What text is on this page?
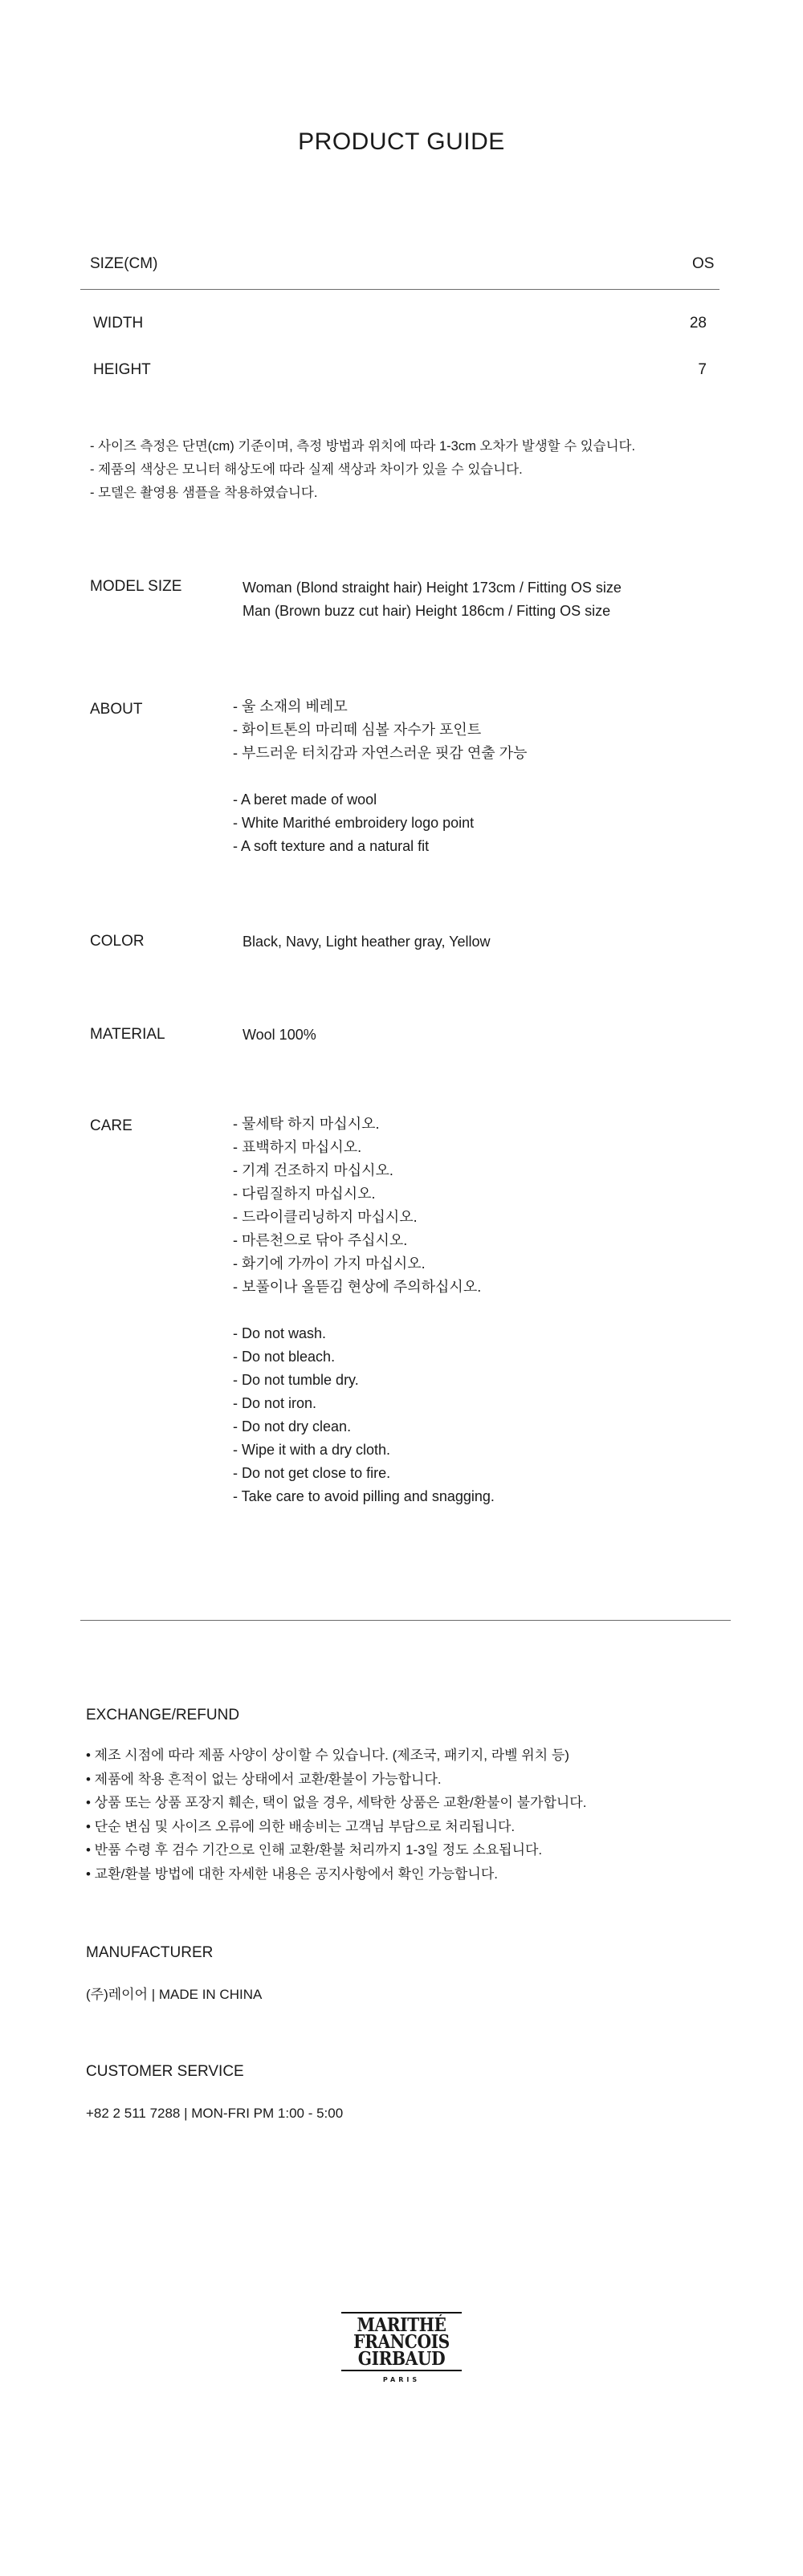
PRODUCT GUIDE
SIZE(CM)	OS
WIDTH	28
HEIGHT	7
- 사이즈 측정은 단면(cm) 기준이며, 측정 방법과 위치에 따라 1-3cm 오차가 발생할 수 있습니다.
- 제품의 색상은 모니터 해상도에 따라 실제 색상과 차이가 있을 수 있습니다.
- 모델은 촬영용 샘플을 착용하였습니다.
MODEL SIZE	Woman (Blond straight hair) Height 173cm / Fitting OS size
Man (Brown buzz cut hair) Height 186cm / Fitting OS size
ABOUT	- 울 소재의 베레모
- 화이트톤의 마리떼 심볼 자수가 포인트
- 부드러운 터치감과 자연스러운 핏감 연출 가능
- A beret made of wool
- White Marithé embroidery logo point
- A soft texture and a natural fit
COLOR	Black, Navy, Light heather gray, Yellow
MATERIAL	Wool 100%
CARE	- 물세탁 하지 마십시오.
- 표백하지 마십시오.
- 기계 건조하지 마십시오.
- 다림질하지 마십시오.
- 드라이클리닝하지 마십시오.
- 마른천으로 닦아 주십시오.
- 화기에 가까이 가지 마십시오.
- 보풀이나 올뜯김 현상에 주의하십시오.
- Do not wash.
- Do not bleach.
- Do not tumble dry.
- Do not iron.
- Do not dry clean.
- Wipe it with a dry cloth.
- Do not get close to fire.
- Take care to avoid pilling and snagging.
EXCHANGE/REFUND
• 제조 시점에 따라 제품 사양이 상이할 수 있습니다. (제조국, 패키지, 라벨 위치 등)
• 제품에 착용 흔적이 없는 상태에서 교환/환불이 가능합니다.
• 상품 또는 상품 포장지 훼손, 택이 없을 경우, 세탁한 상품은 교환/환불이 불가합니다.
• 단순 변심 및 사이즈 오류에 의한 배송비는 고객님 부담으로 처리됩니다.
• 반품 수령 후 검수 기간으로 인해 교환/환불 처리까지 1-3일 정도 소요됩니다.
• 교환/환불 방법에 대한 자세한 내용은 공지사항에서 확인 가능합니다.
MANUFACTURER
(주)레이어 | MADE IN CHINA
CUSTOMER SERVICE
+82 2 511 7288 | MON-FRI PM 1:00 - 5:00
MARITHÉ
FRANCOIS
GIRBAUD
PARIS
